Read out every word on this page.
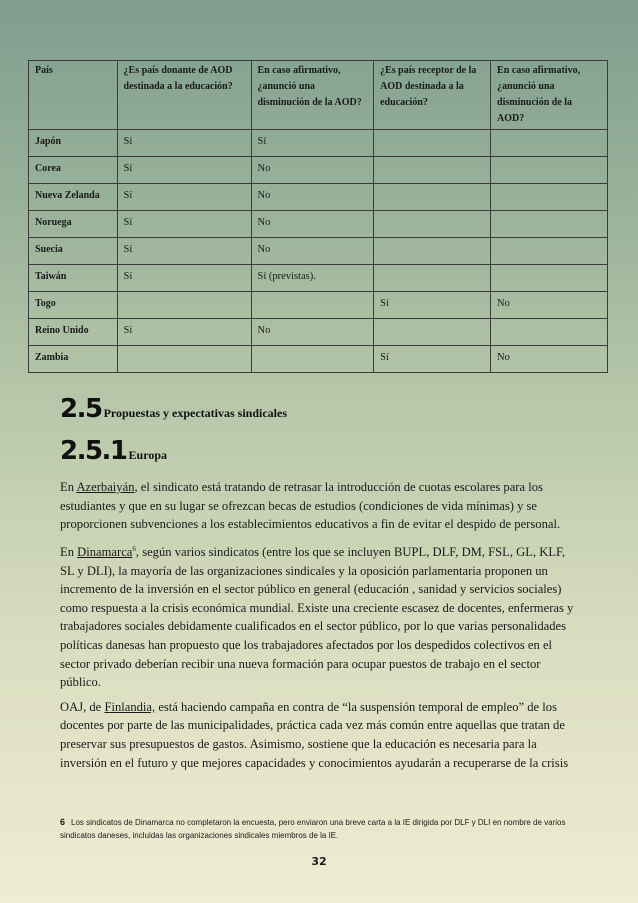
País	¿Es país donante de AOD destinada a la educación?	En caso afirmativo, ¿anunció una disminución de la AOD?	¿Es país receptor de la AOD destinada a la educación?	En caso afirmativo, ¿anunció una disminución de la AOD?
Japón	Sí	Sí		
Corea	Sí	No		
Nueva Zelanda	Sí	No		
Noruega	Sí	No		
Suecia	Sí	No		
Taiwán	Sí	Sí (previstas).		
Togo			Sí	No
Reino Unido	Sí	No		
Zambia			Sí	No
2.5 Propuestas y expectativas sindicales
2.5.1 Europa

En Azerbaiyán, el sindicato está tratando de retrasar la introducción de cuotas escolares para los estudiantes y que en su lugar se ofrezcan becas de estudios (condiciones de vida mínimas) y se proporcionen subvenciones a los establecimientos educativos a fin de evitar el despido de personal.

En Dinamarca$^6$, según varios sindicatos (entre los que se incluyen BUPL, DLF, DM, FSL, GL, KLF, SL y DLI), la mayoría de las organizaciones sindicales y la oposición parlamentaria proponen un incremento de la inversión en el sector público en general (educación , sanidad y servicios sociales) como respuesta a la crisis económica mundial. Existe una creciente escasez de docentes, enfermeras y trabajadores sociales debidamente cualificados en el sector público, por lo que varias personalidades políticas danesas han propuesto que los trabajadores afectados por los despedidos colectivos en el sector privado deberían recibir una nueva formación para ocupar puestos de trabajo en el sector público.

OAJ, de Finlandia, está haciendo campaña en contra de “la suspensión temporal de empleo” de los docentes por parte de las municipalidades, práctica cada vez más común entre aquellas que tratan de preservar sus presupuestos de gastos. Asimismo, sostiene que la educación es necesaria para la inversión en el futuro y que mejores capacidades y conocimientos ayudarán a recuperarse de la crisis

6 Los sindicatos de Dinamarca no completaron la encuesta, pero enviaron una breve carta a la IE dirigida por DLF y DLI en nombre de varios sindicatos daneses, incluidas las organizaciones sindicales miembros de la IE.
32
